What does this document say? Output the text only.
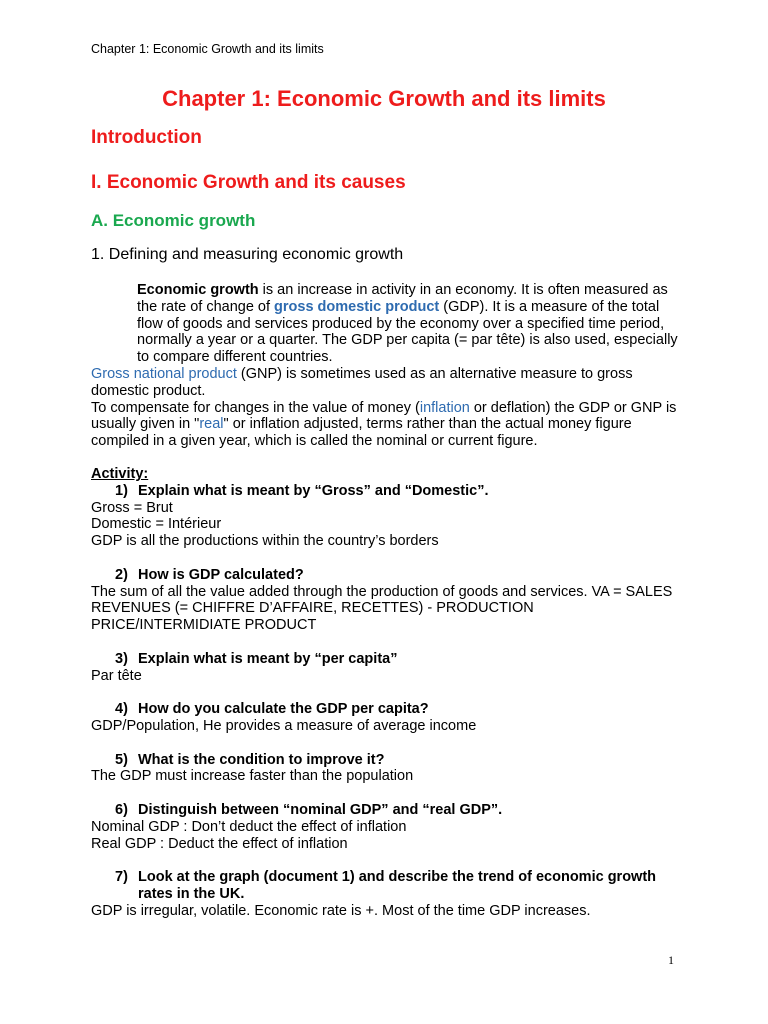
Chapter 1: Economic Growth and its limits
Chapter 1: Economic Growth and its limits
Introduction
I. Economic Growth and its causes
A. Economic growth
1. Defining and measuring economic growth
Economic growth is an increase in activity in an economy. It is often measured as the rate of change of gross domestic product (GDP). It is a measure of the total flow of goods and services produced by the economy over a specified time period, normally a year or a quarter. The GDP per capita (= par tête) is also used, especially to compare different countries.
Gross national product (GNP) is sometimes used as an alternative measure to gross domestic product.
To compensate for changes in the value of money (inflation or deflation) the GDP or GNP is usually given in "real" or inflation adjusted, terms rather than the actual money figure compiled in a given year, which is called the nominal or current figure.
Activity:
1) Explain what is meant by “Gross” and “Domestic”.
Gross = Brut
Domestic = Intérieur
GDP is all the productions within the country’s borders
2) How is GDP calculated?
The sum of all the value added through the production of goods and services. VA = SALES REVENUES (= CHIFFRE D’AFFAIRE, RECETTES) - PRODUCTION PRICE/INTERMIDIATE PRODUCT
3) Explain what is meant by “per capita”
Par tête
4) How do you calculate the GDP per capita?
GDP/Population, He provides a measure of average income
5) What is the condition to improve it?
The GDP must increase faster than the population
6) Distinguish between “nominal GDP” and “real GDP”.
Nominal GDP : Don’t deduct the effect of inflation
Real GDP : Deduct the effect of inflation
7) Look at the graph (document 1) and describe the trend of economic growth rates in the UK.
GDP is irregular, volatile. Economic rate is +. Most of the time GDP increases.
1
